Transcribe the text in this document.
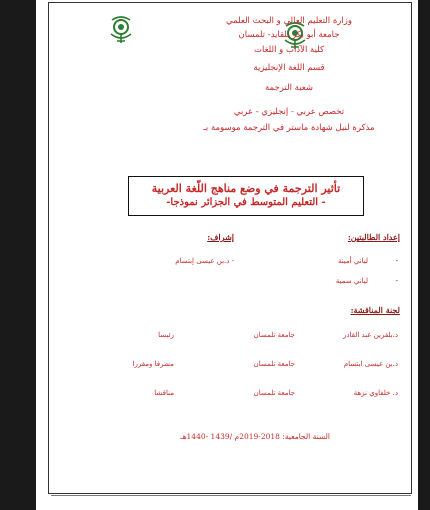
وزارة التعليم العالي و البحث العلمي
جامعة أبو بكر بلقايد- تلمسان
كلية الآداب و اللغات
قسم اللغة الإنجليزية
شعبة الترجمة
تخصص عربي - إنجليزي - عربي
مذكرة لنيل شهادة ماستر في الترجمة موسومة بـ
تأثير الترجمة في وضع مناهج اللّغة العربية
- التعليم المتوسط في الجزائر نموذجا-
إعداد الطالبتين:
إشراف:
-
لياني أمينة
-
لياني سمية
- د.بن عيسى إبتسام
لجنة المناقشة:
د.بلقرين عبد القادر
جامعة تلمسان
رئيسا
د.بن عيسى ابتسام
جامعة تلمسان
مشرفا ومقررا
د. خلفاوي نزهة
جامعة تلمسان
مناقشا
السنة الجامعية: 2018-2019م /1439 -1440هـ
